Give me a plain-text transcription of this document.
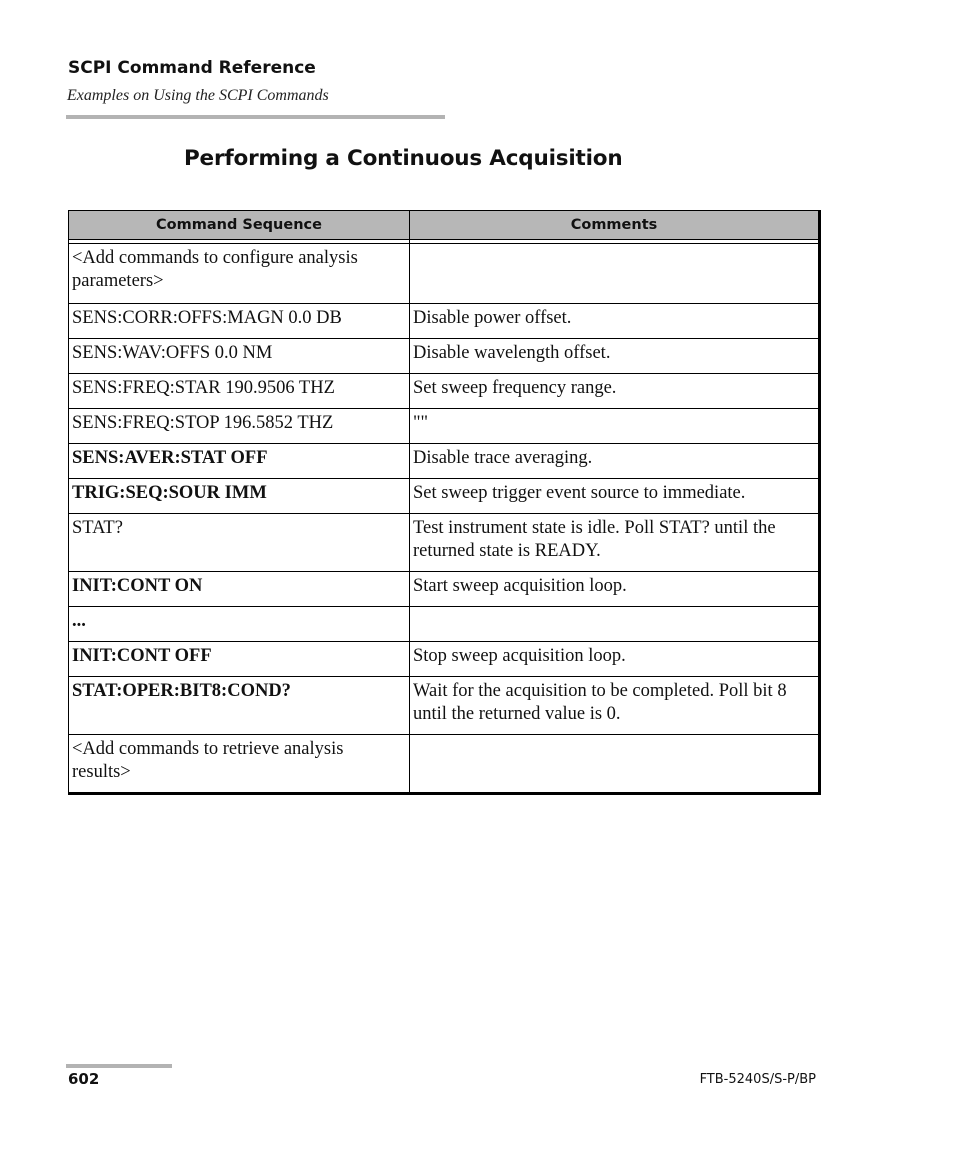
SCPI Command Reference
Examples on Using the SCPI Commands
Performing a Continuous Acquisition
Command Sequence	Comments

<Add commands to configure analysis parameters>	
SENS:CORR:OFFS:MAGN 0.0 DB	Disable power offset.
SENS:WAV:OFFS 0.0 NM	Disable wavelength offset.
SENS:FREQ:STAR 190.9506 THZ	Set sweep frequency range.
SENS:FREQ:STOP 196.5852 THZ	""
SENS:AVER:STAT OFF	Disable trace averaging.
TRIG:SEQ:SOUR IMM	Set sweep trigger event source to immediate.
STAT?	Test instrument state is idle. Poll STAT? until the returned state is READY.
INIT:CONT ON	Start sweep acquisition loop.
...	
INIT:CONT OFF	Stop sweep acquisition loop.
STAT:OPER:BIT8:COND?	Wait for the acquisition to be completed. Poll bit 8 until the returned value is 0.
<Add commands to retrieve analysis results>	
602	FTB-5240S/S-P/BP
